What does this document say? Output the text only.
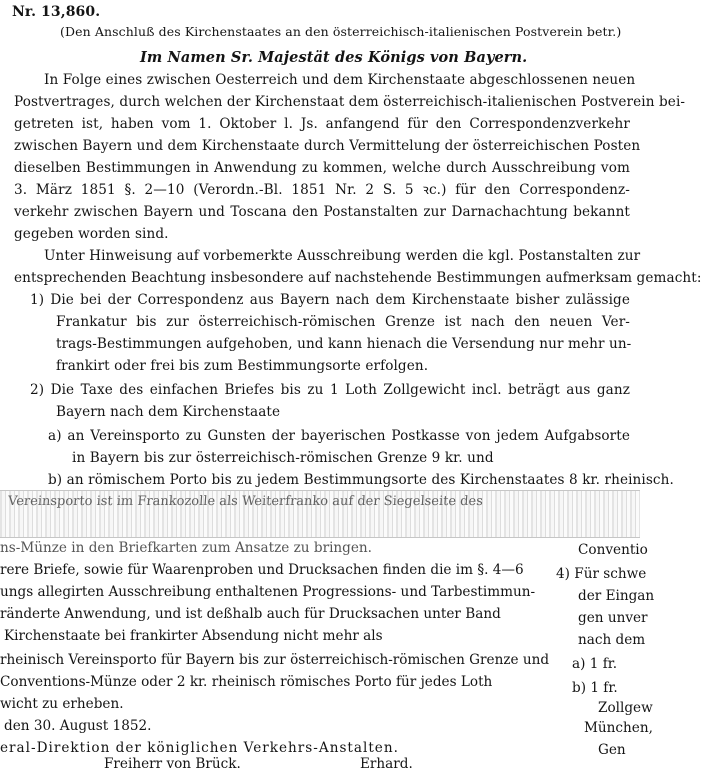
Nr. 13,860.
(Den Anschluß des Kirchenstaates an den österreichisch-italienischen Postverein betr.)
Im Namen Sr. Majestät des Königs von Bayern.
In Folge eines zwischen Oesterreich und dem Kirchenstaate abgeschlossenen neuen
Postvertrages, durch welchen der Kirchenstaat dem österreichisch-italienischen Postverein bei-
getreten ist, haben vom 1. Oktober l. Js. anfangend für den Correspondenzverkehr
zwischen Bayern und dem Kirchenstaate durch Vermittelung der österreichischen Posten
dieselben Bestimmungen in Anwendung zu kommen, welche durch Ausschreibung vom
3. März 1851 §. 2—10 (Verordn.-Bl. 1851 Nr. 2 S. 5 ꝛc.) für den Correspondenz-
verkehr zwischen Bayern und Toscana den Postanstalten zur Darnachachtung bekannt
gegeben worden sind.
Unter Hinweisung auf vorbemerkte Ausschreibung werden die kgl. Postanstalten zur
entsprechenden Beachtung insbesondere auf nachstehende Bestimmungen aufmerksam gemacht:
1) Die bei der Correspondenz aus Bayern nach dem Kirchenstaate bisher zulässige
Frankatur bis zur österreichisch-römischen Grenze ist nach den neuen Ver-
trags-Bestimmungen aufgehoben, und kann hienach die Versendung nur mehr un-
frankirt oder frei bis zum Bestimmungsorte erfolgen.
2) Die Taxe des einfachen Briefes bis zu 1 Loth Zollgewicht incl. beträgt aus ganz
Bayern nach dem Kirchenstaate
a) an Vereinsporto zu Gunsten der bayerischen Postkasse von jedem Aufgabsorte
in Bayern bis zur österreichisch-römischen Grenze 9 kr. und
b) an römischem Porto bis zu jedem Bestimmungsorte des Kirchenstaates 8 kr. rheinisch.
Vereinsporto ist im Frankozolle als Weiterfranko auf der Siegelseite des
ns-Münze in den Briefkarten zum Ansatze zu bringen.
rere Briefe, sowie für Waarenproben und Drucksachen finden die im §. 4—6
ungs allegirten Ausschreibung enthaltenen Progressions- und Tarbestimmun-
ränderte Anwendung, und ist deßhalb auch für Drucksachen unter Band
Kirchenstaate bei frankirter Absendung nicht mehr als
rheinisch Vereinsporto für Bayern bis zur österreichisch-römischen Grenze und
Conventions-Münze oder 2 kr. rheinisch römisches Porto für jedes Loth
wicht zu erheben.
den 30. August 1852.
eral-Direktion der königlichen Verkehrs-Anstalten.
Freiherr von Brück.	Erhard.
Conventio
4) Für schwe
der Eingan
gen unver
nach dem
a) 1 fr.
b) 1 fr.
Zollgew
München,
Gen
